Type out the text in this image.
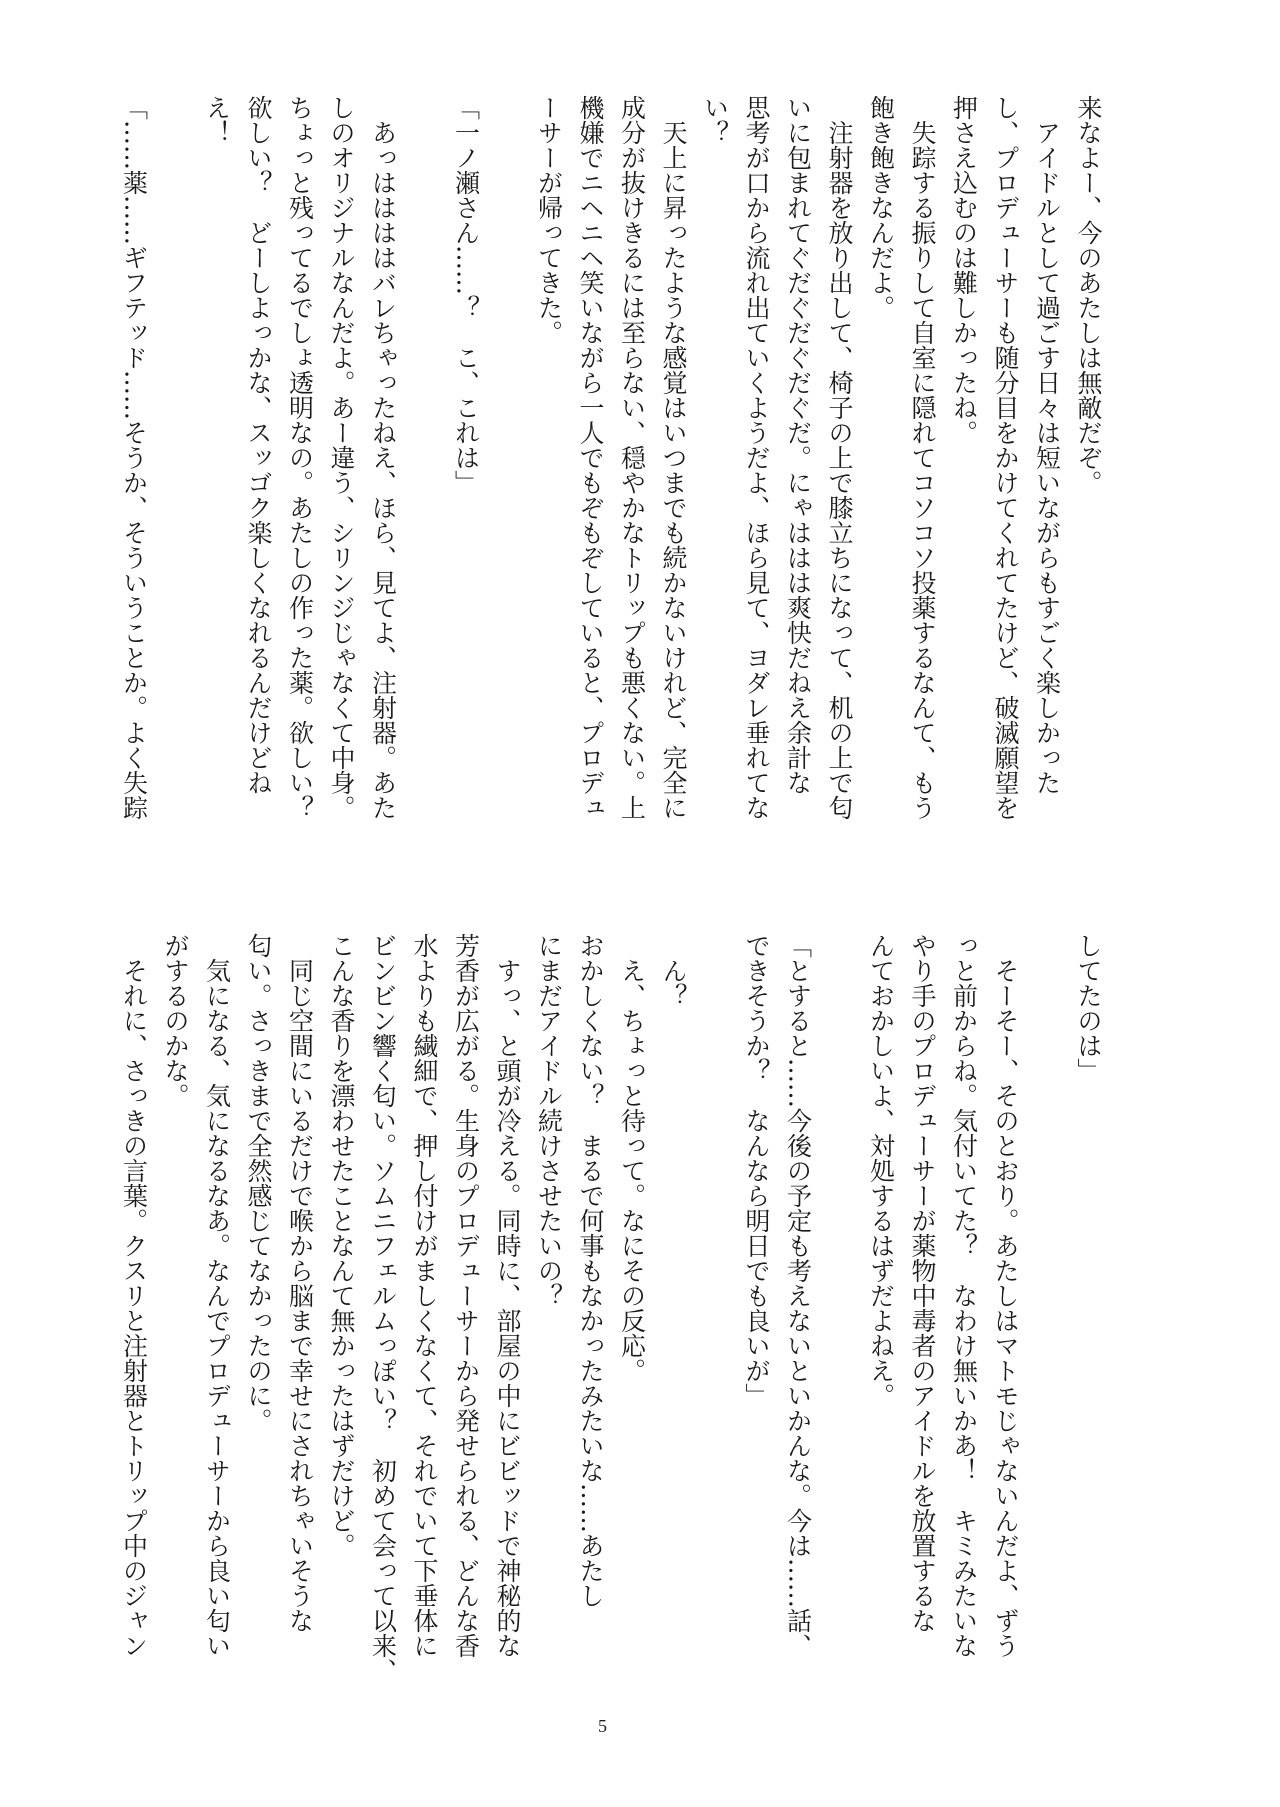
来なよー、今のあたしは無敵だぞ。
　アイドルとして過ごす日々は短いながらもすごく楽しかった
し、プロデューサーも随分目をかけてくれてたけど、破滅願望を
押さえ込むのは難しかったね。
　失踪する振りして自室に隠れてコソコソ投薬するなんて、もう
飽き飽きなんだよ。
　注射器を放り出して、椅子の上で膝立ちになって、机の上で匂
いに包まれてぐだぐだぐだぐだ。にゃははは爽快だねえ余計な
思考が口から流れ出ていくようだよ、ほら見て、ヨダレ垂れてな
い？
　天上に昇ったような感覚はいつまでも続かないけれど、完全に
成分が抜けきるには至らない、穏やかなトリップも悪くない。上
機嫌でニヘニヘ笑いながら一人でもぞもぞしていると、プロデュ
ーサーが帰ってきた。
「一ノ瀬さん……？　こ、これは」
　あっははははバレちゃったねえ、ほら、見てよ、注射器。あた
しのオリジナルなんだよ。あー違う、シリンジじゃなくて中身。
ちょっと残ってるでしょ透明なの。あたしの作った薬。欲しい？
欲しい？　どーしよっかな、スッゴク楽しくなれるんだけどね
え！
「……薬……ギフテッド……そうか、そういうことか。よく失踪
してたのは」
　そーそー、そのとおり。あたしはマトモじゃないんだよ、ずう
っと前からね。気付いてた？　なわけ無いかあ！　キミみたいな
やり手のプロデューサーが薬物中毒者のアイドルを放置するな
んておかしいよ、対処するはずだよねえ。
「とすると……今後の予定も考えないといかんな。今は……話、
できそうか？　なんなら明日でも良いが」
　ん？
　え、ちょっと待って。なにその反応。
おかしくない？　まるで何事もなかったみたいな……あたし
にまだアイドル続けさせたいの？
　すっ、と頭が冷える。同時に、部屋の中にビビッドで神秘的な
芳香が広がる。生身のプロデューサーから発せられる、どんな香
水よりも繊細で、押し付けがましくなくて、それでいて下垂体に
ビンビン響く匂い。ソムニフェルムっぽい？　初めて会って以来、
こんな香りを漂わせたことなんて無かったはずだけど。
　同じ空間にいるだけで喉から脳まで幸せにされちゃいそうな
匂い。さっきまで全然感じてなかったのに。
　気になる、気になるなあ。なんでプロデューサーから良い匂い
がするのかな。
　それに、さっきの言葉。クスリと注射器とトリップ中のジャン
5
